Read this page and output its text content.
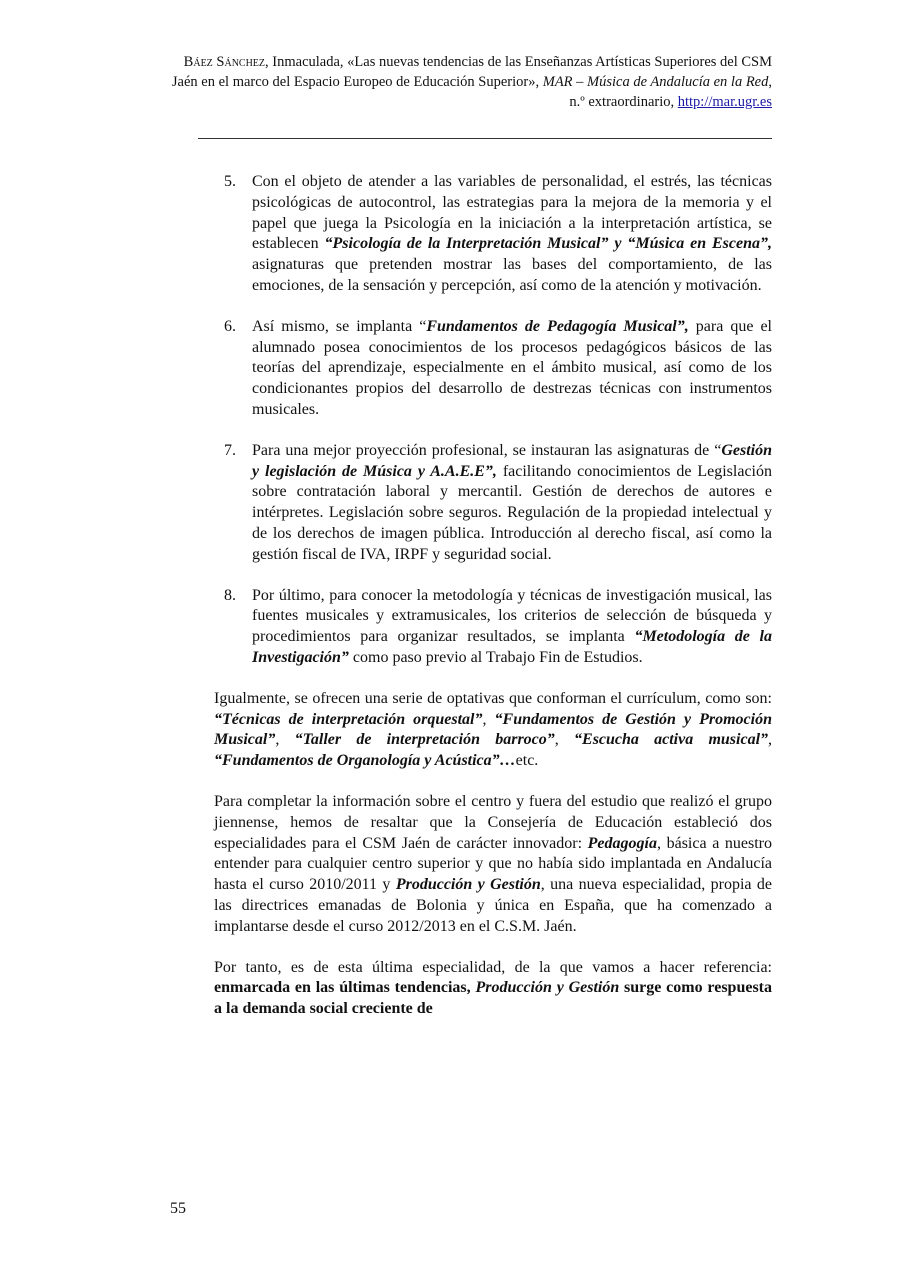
Báez Sánchez, Inmaculada, «Las nuevas tendencias de las Enseñanzas Artísticas Superiores del CSM Jaén en el marco del Espacio Europeo de Educación Superior», MAR – Música de Andalucía en la Red, n.º extraordinario, http://mar.ugr.es
5. Con el objeto de atender a las variables de personalidad, el estrés, las técnicas psicológicas de autocontrol, las estrategias para la mejora de la memoria y el papel que juega la Psicología en la iniciación a la interpretación artística, se establecen “Psicología de la Interpretación Musical” y “Música en Escena”, asignaturas que pretenden mostrar las bases del comportamiento, de las emociones, de la sensación y percepción, así como de la atención y motivación.
6. Así mismo, se implanta “Fundamentos de Pedagogía Musical”, para que el alumnado posea conocimientos de los procesos pedagógicos básicos de las teorías del aprendizaje, especialmente en el ámbito musical, así como de los condicionantes propios del desarrollo de destrezas técnicas con instrumentos musicales.
7. Para una mejor proyección profesional, se instauran las asignaturas de “Gestión y legislación de Música y A.A.E.E”, facilitando conocimientos de Legislación sobre contratación laboral y mercantil. Gestión de derechos de autores e intérpretes. Legislación sobre seguros. Regulación de la propiedad intelectual y de los derechos de imagen pública. Introducción al derecho fiscal, así como la gestión fiscal de IVA, IRPF y seguridad social.
8. Por último, para conocer la metodología y técnicas de investigación musical, las fuentes musicales y extramusicales, los criterios de selección de búsqueda y procedimientos para organizar resultados, se implanta “Metodología de la Investigación” como paso previo al Trabajo Fin de Estudios.

Igualmente, se ofrecen una serie de optativas que conforman el currículum, como son: “Técnicas de interpretación orquestal”, “Fundamentos de Gestión y Promoción Musical”, “Taller de interpretación barroco”, “Escucha activa musical”, “Fundamentos de Organología y Acústica”…etc.

Para completar la información sobre el centro y fuera del estudio que realizó el grupo jiennense, hemos de resaltar que la Consejería de Educación estableció dos especialidades para el CSM Jaén de carácter innovador: Pedagogía, básica a nuestro entender para cualquier centro superior y que no había sido implantada en Andalucía hasta el curso 2010/2011 y Producción y Gestión, una nueva especialidad, propia de las directrices emanadas de Bolonia y única en España, que ha comenzado a implantarse desde el curso 2012/2013 en el C.S.M. Jaén.

Por tanto, es de esta última especialidad, de la que vamos a hacer referencia: enmarcada en las últimas tendencias, Producción y Gestión surge como respuesta a la demanda social creciente de

55
